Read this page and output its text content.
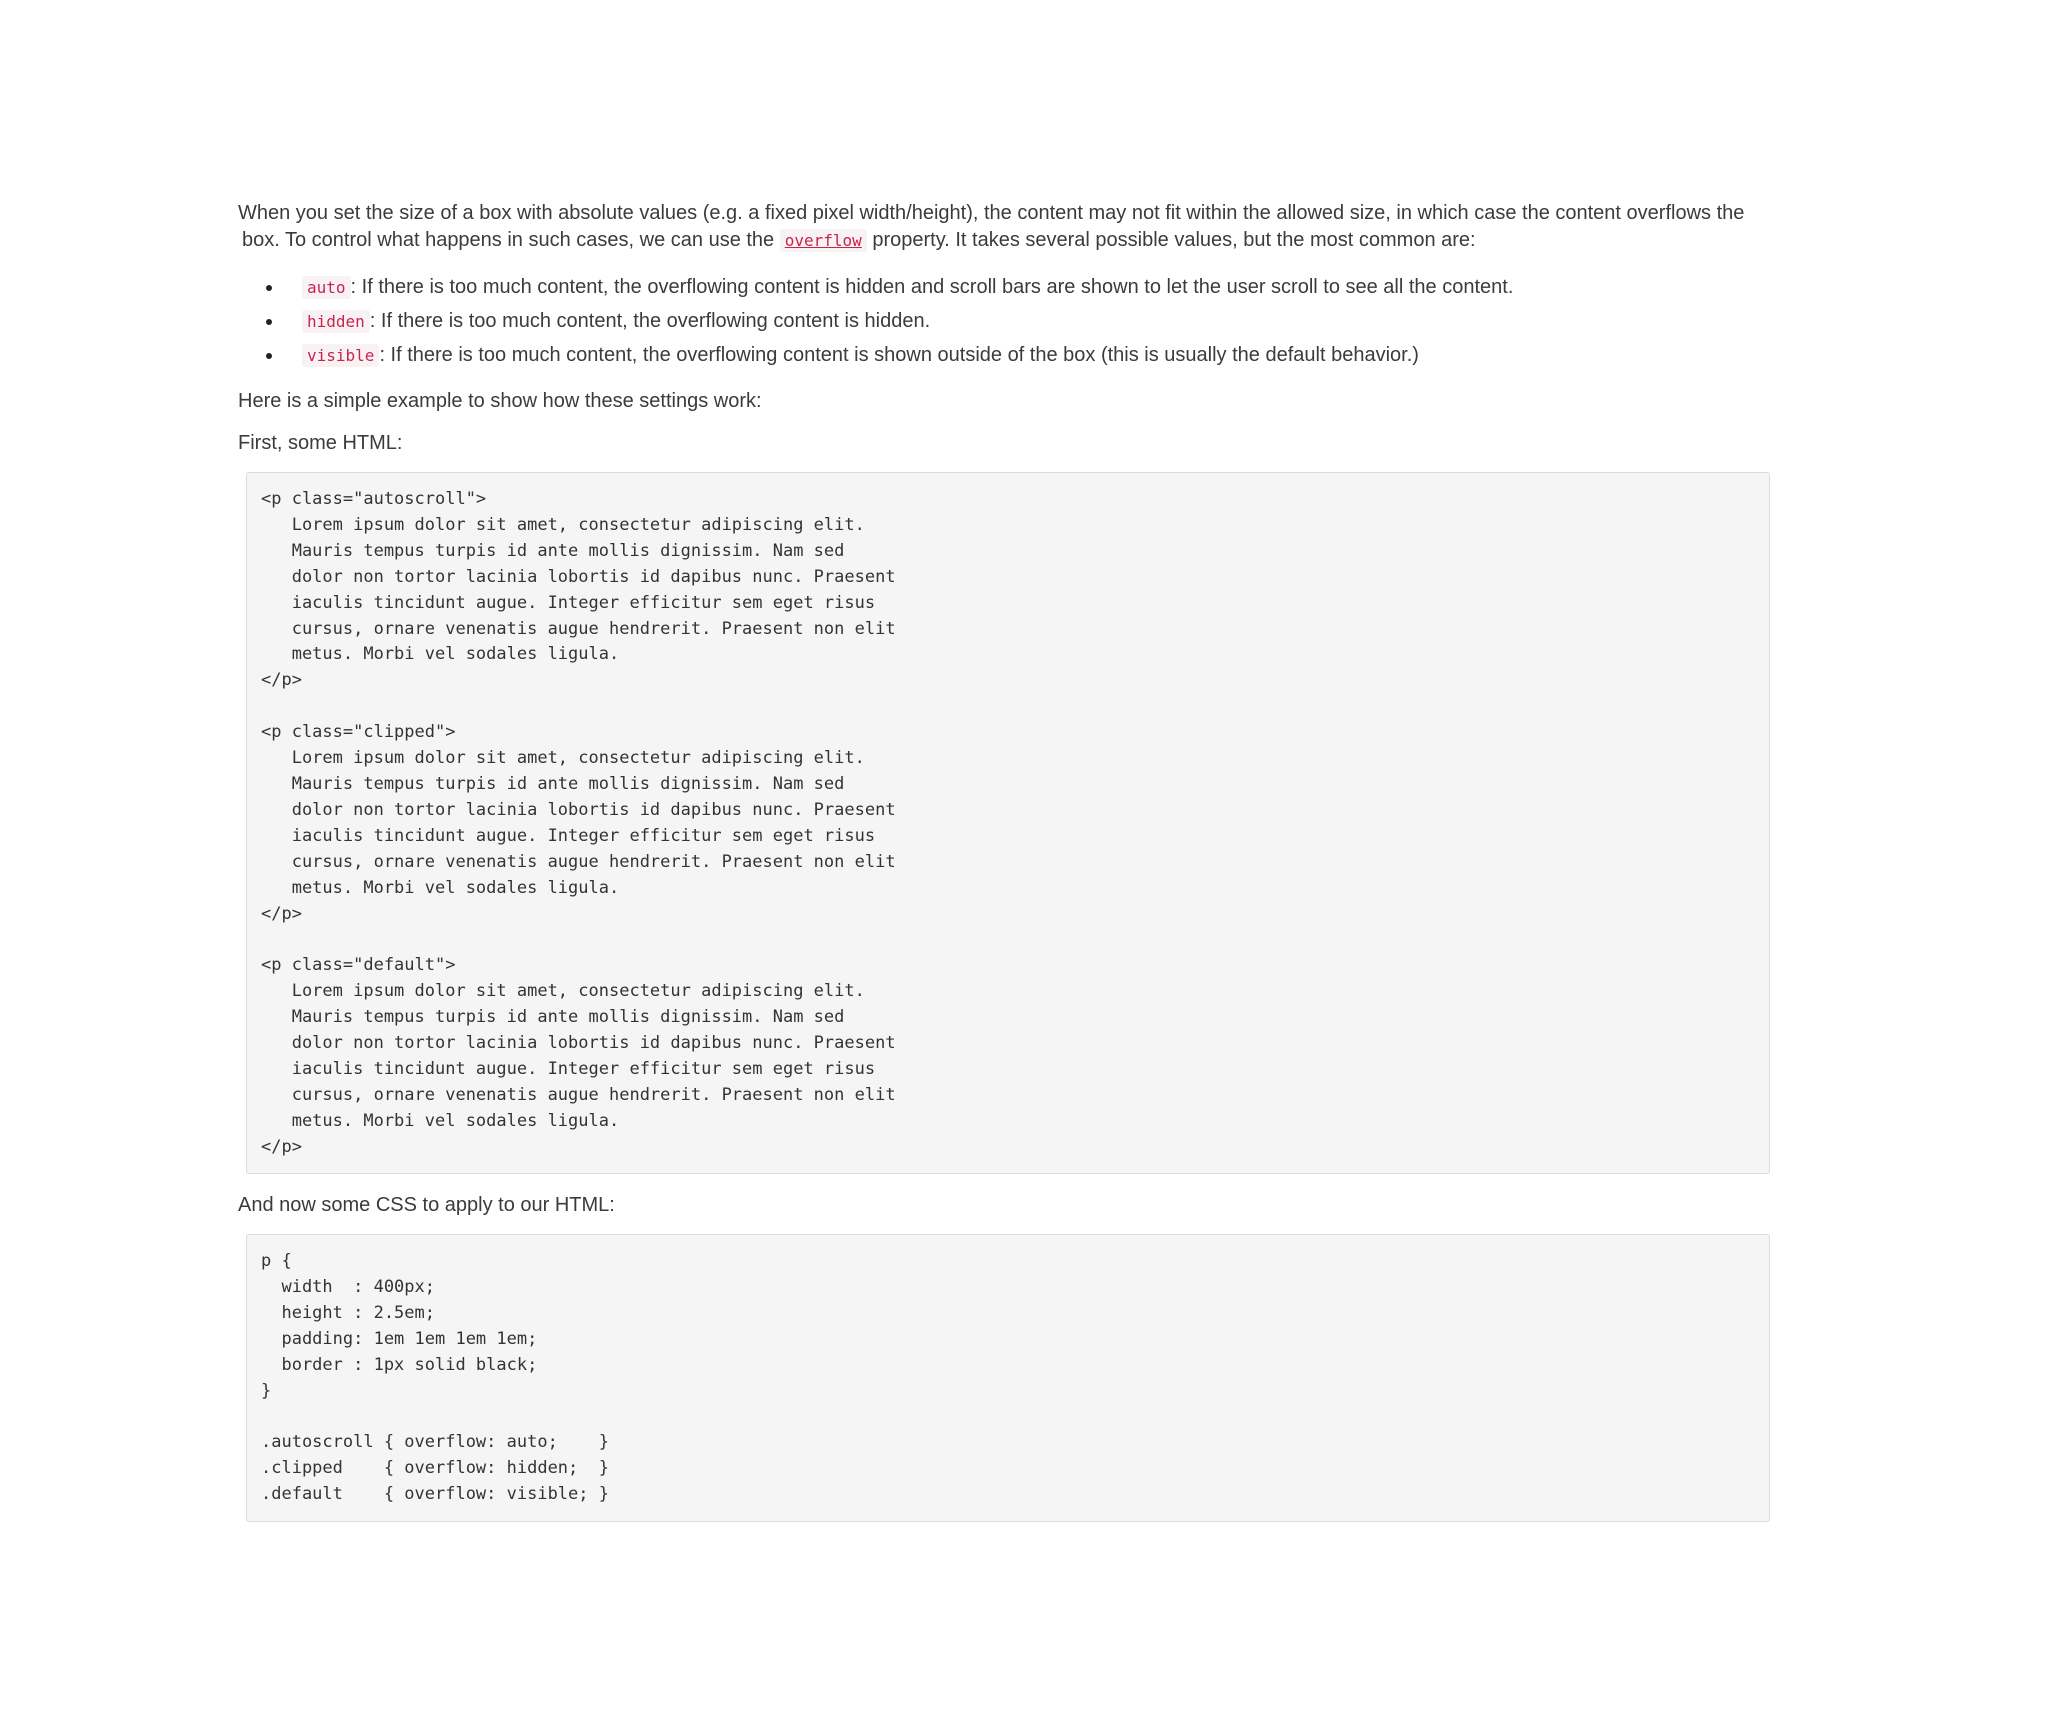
When you set the size of a box with absolute values (e.g. a fixed pixel width/height), the content may not fit within the allowed size, in which case the content overflows the box. To control what happens in such cases, we can use the overflow property. It takes several possible values, but the most common are:

auto : If there is too much content, the overflowing content is hidden and scroll bars are shown to let the user scroll to see all the content.
hidden : If there is too much content, the overflowing content is hidden.
visible : If there is too much content, the overflowing content is shown outside of the box (this is usually the default behavior.)

Here is a simple example to show how these settings work:

First, some HTML:

<p class="autoscroll">
Lorem ipsum dolor sit amet, consectetur adipiscing elit.
Mauris tempus turpis id ante mollis dignissim. Nam sed
dolor non tortor lacinia lobortis id dapibus nunc. Praesent
iaculis tincidunt augue. Integer efficitur sem eget risus
cursus, ornare venenatis augue hendrerit. Praesent non elit
metus. Morbi vel sodales ligula.
</p>

<p class="clipped">
Lorem ipsum dolor sit amet, consectetur adipiscing elit.
Mauris tempus turpis id ante mollis dignissim. Nam sed
dolor non tortor lacinia lobortis id dapibus nunc. Praesent
iaculis tincidunt augue. Integer efficitur sem eget risus
cursus, ornare venenatis augue hendrerit. Praesent non elit
metus. Morbi vel sodales ligula.
</p>

<p class="default">
Lorem ipsum dolor sit amet, consectetur adipiscing elit.
Mauris tempus turpis id ante mollis dignissim. Nam sed
dolor non tortor lacinia lobortis id dapibus nunc. Praesent
iaculis tincidunt augue. Integer efficitur sem eget risus
cursus, ornare venenatis augue hendrerit. Praesent non elit
metus. Morbi vel sodales ligula.
</p>

And now some CSS to apply to our HTML:

p {
width  : 400px;
height : 2.5em;
padding: 1em 1em 1em 1em;
border : 1px solid black;
}

.autoscroll { overflow: auto;    }
.clipped    { overflow: hidden;  }
.default    { overflow: visible; }
